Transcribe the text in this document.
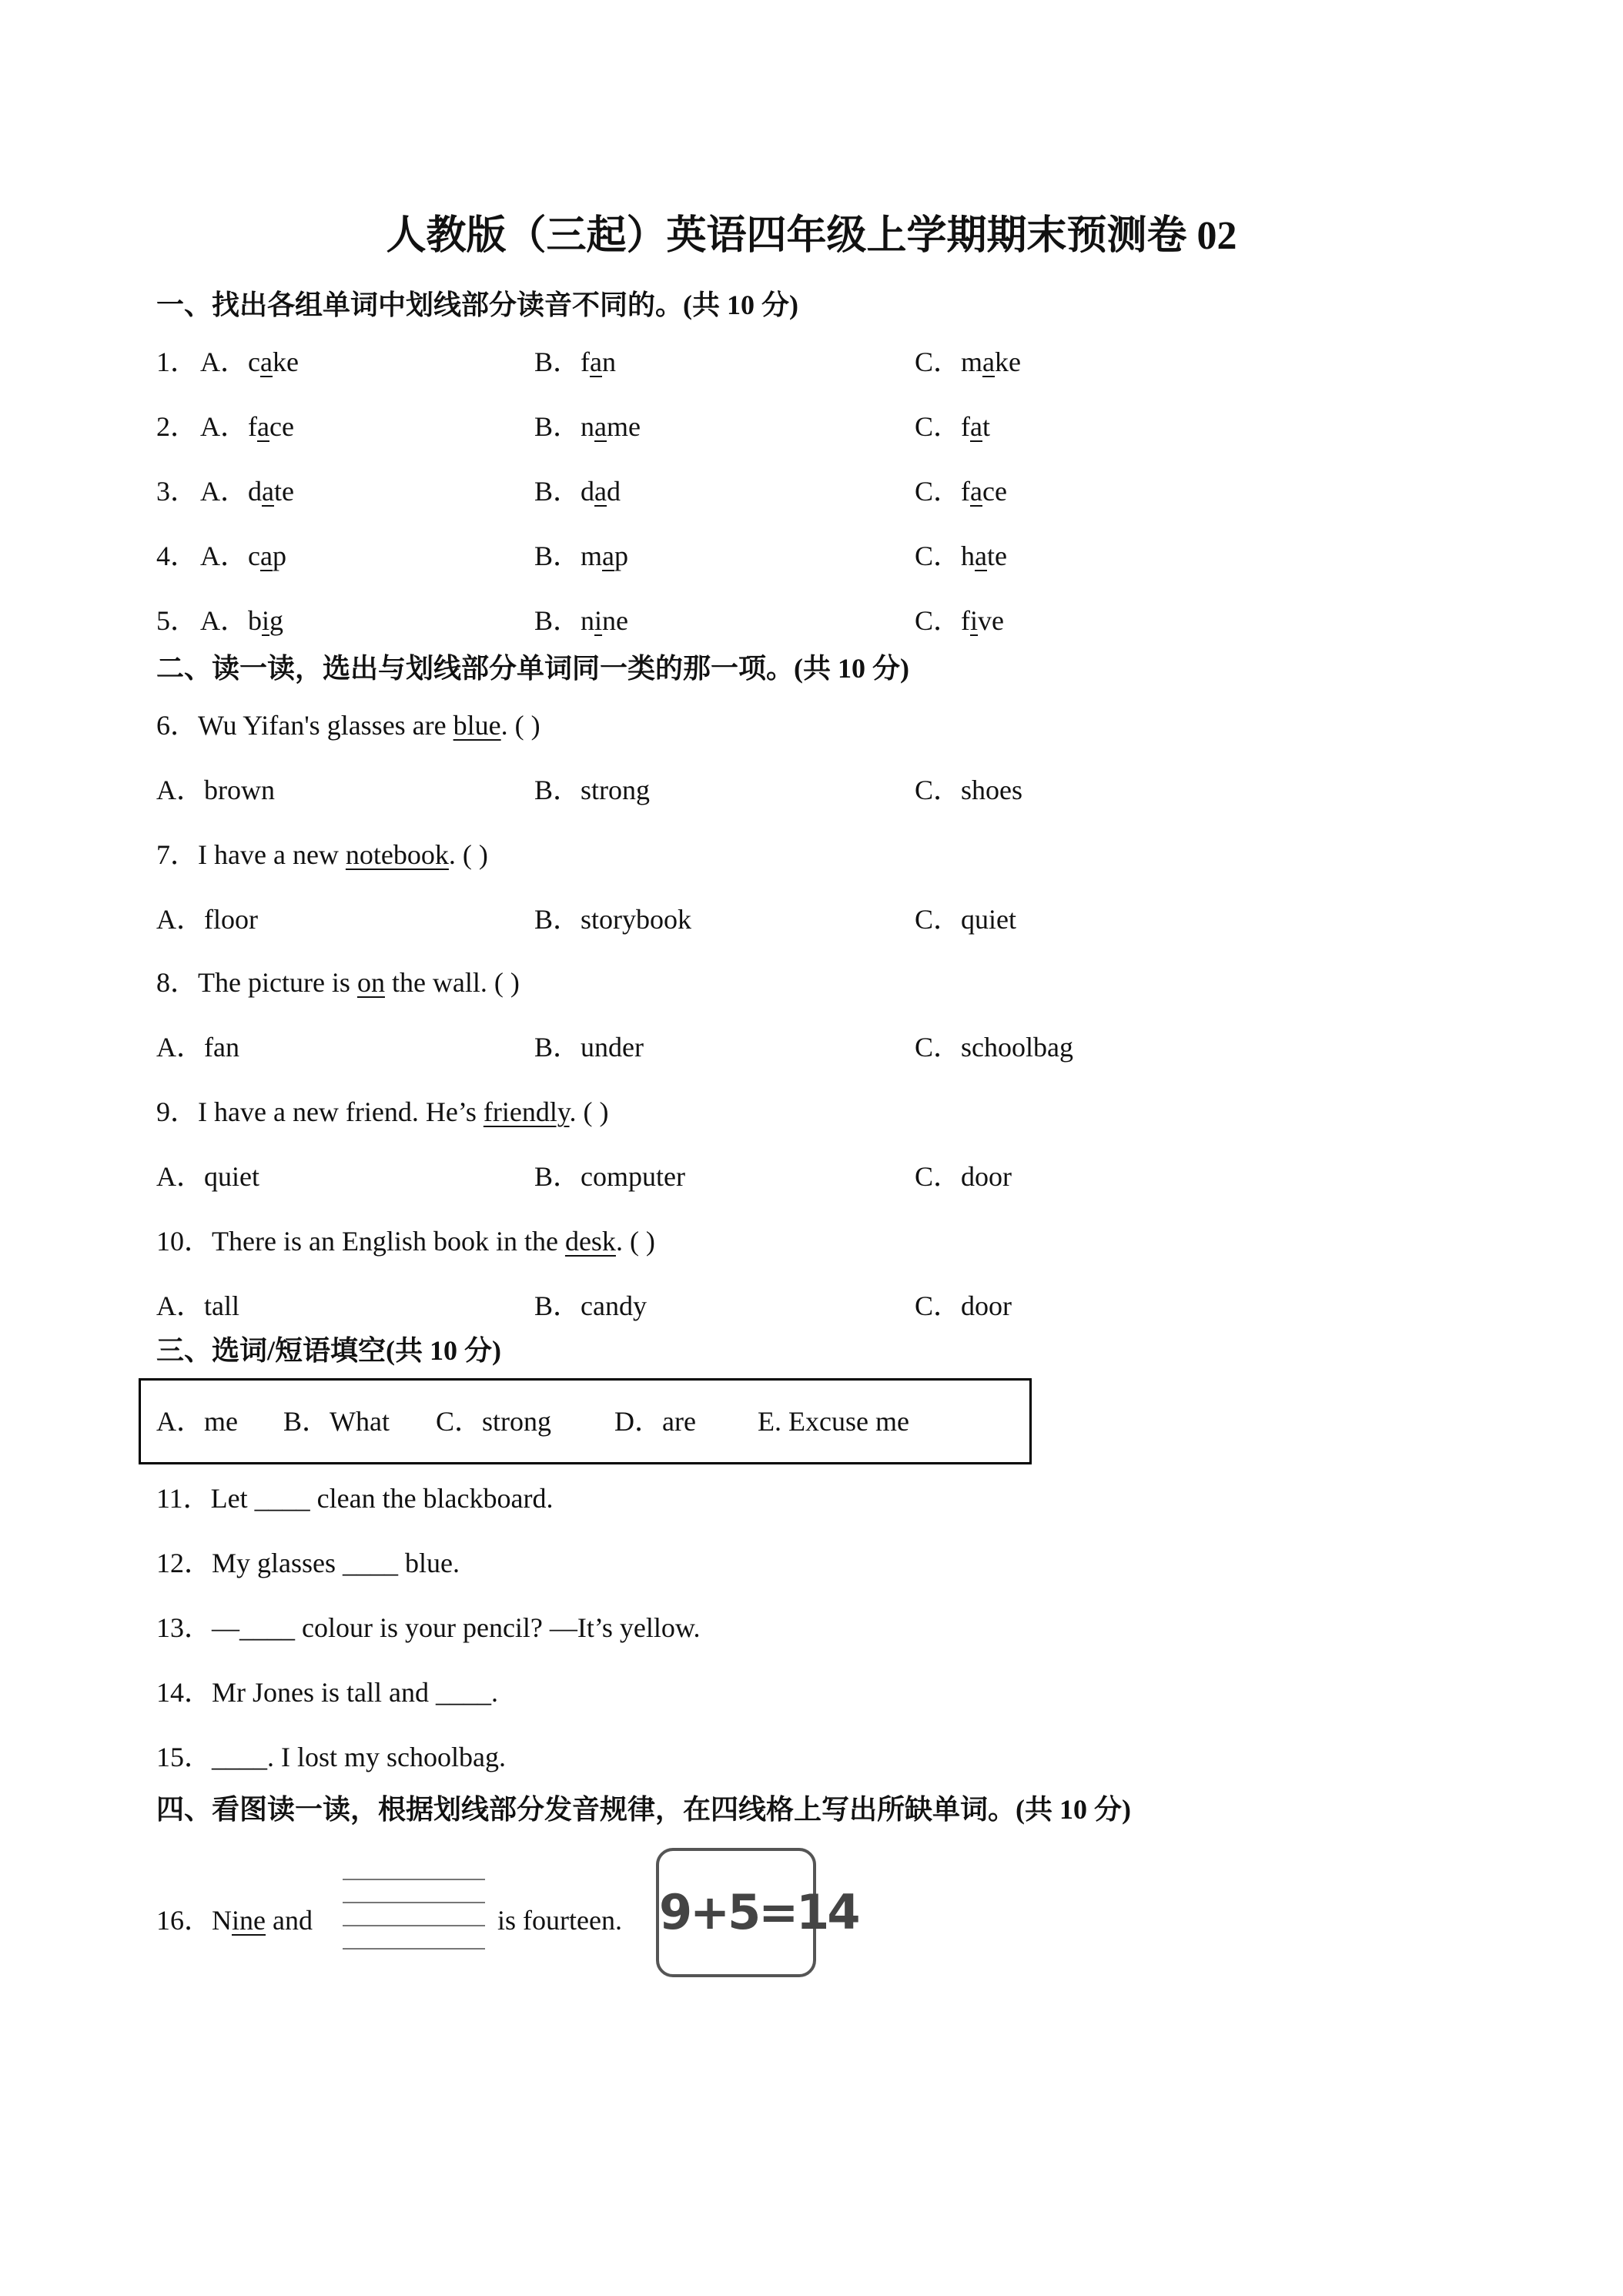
人教版（三起）英语四年级上学期期末预测卷 02
一、找出各组单词中划线部分读音不同的。(共 10 分)
1． A．cake	B．fan	C．make
2． A．face	B．name	C．fat
3． A．date	B．dad	C．face
4． A．cap	B．map	C．hate
5． A．big	B．nine	C．five
二、读一读，选出与划线部分单词同一类的那一项。(共 10 分)
6．Wu Yifan's glasses are blue. ( )
A．brown	B．strong	C．shoes
7．I have a new notebook. ( )
A．floor	B．storybook	C．quiet
8．The picture is on the wall. ( )
A．fan	B．under	C．schoolbag
9．I have a new friend. He’s friendly. ( )
A．quiet	B．computer	C．door
10．There is an English book in the desk. ( )
A．tall	B．candy	C．door
三、选词/短语填空(共 10 分)
A．me B．What C．strong D．are E. Excuse me
11．Let ____ clean the blackboard.
12．My glasses ____ blue.
13．—____ colour is your pencil? —It’s yellow.
14．Mr Jones is tall and ____.
15．____. I lost my schoolbag.
四、看图读一读，根据划线部分发音规律，在四线格上写出所缺单词。(共 10 分)
16．Nine and	is fourteen. 9+5=14
